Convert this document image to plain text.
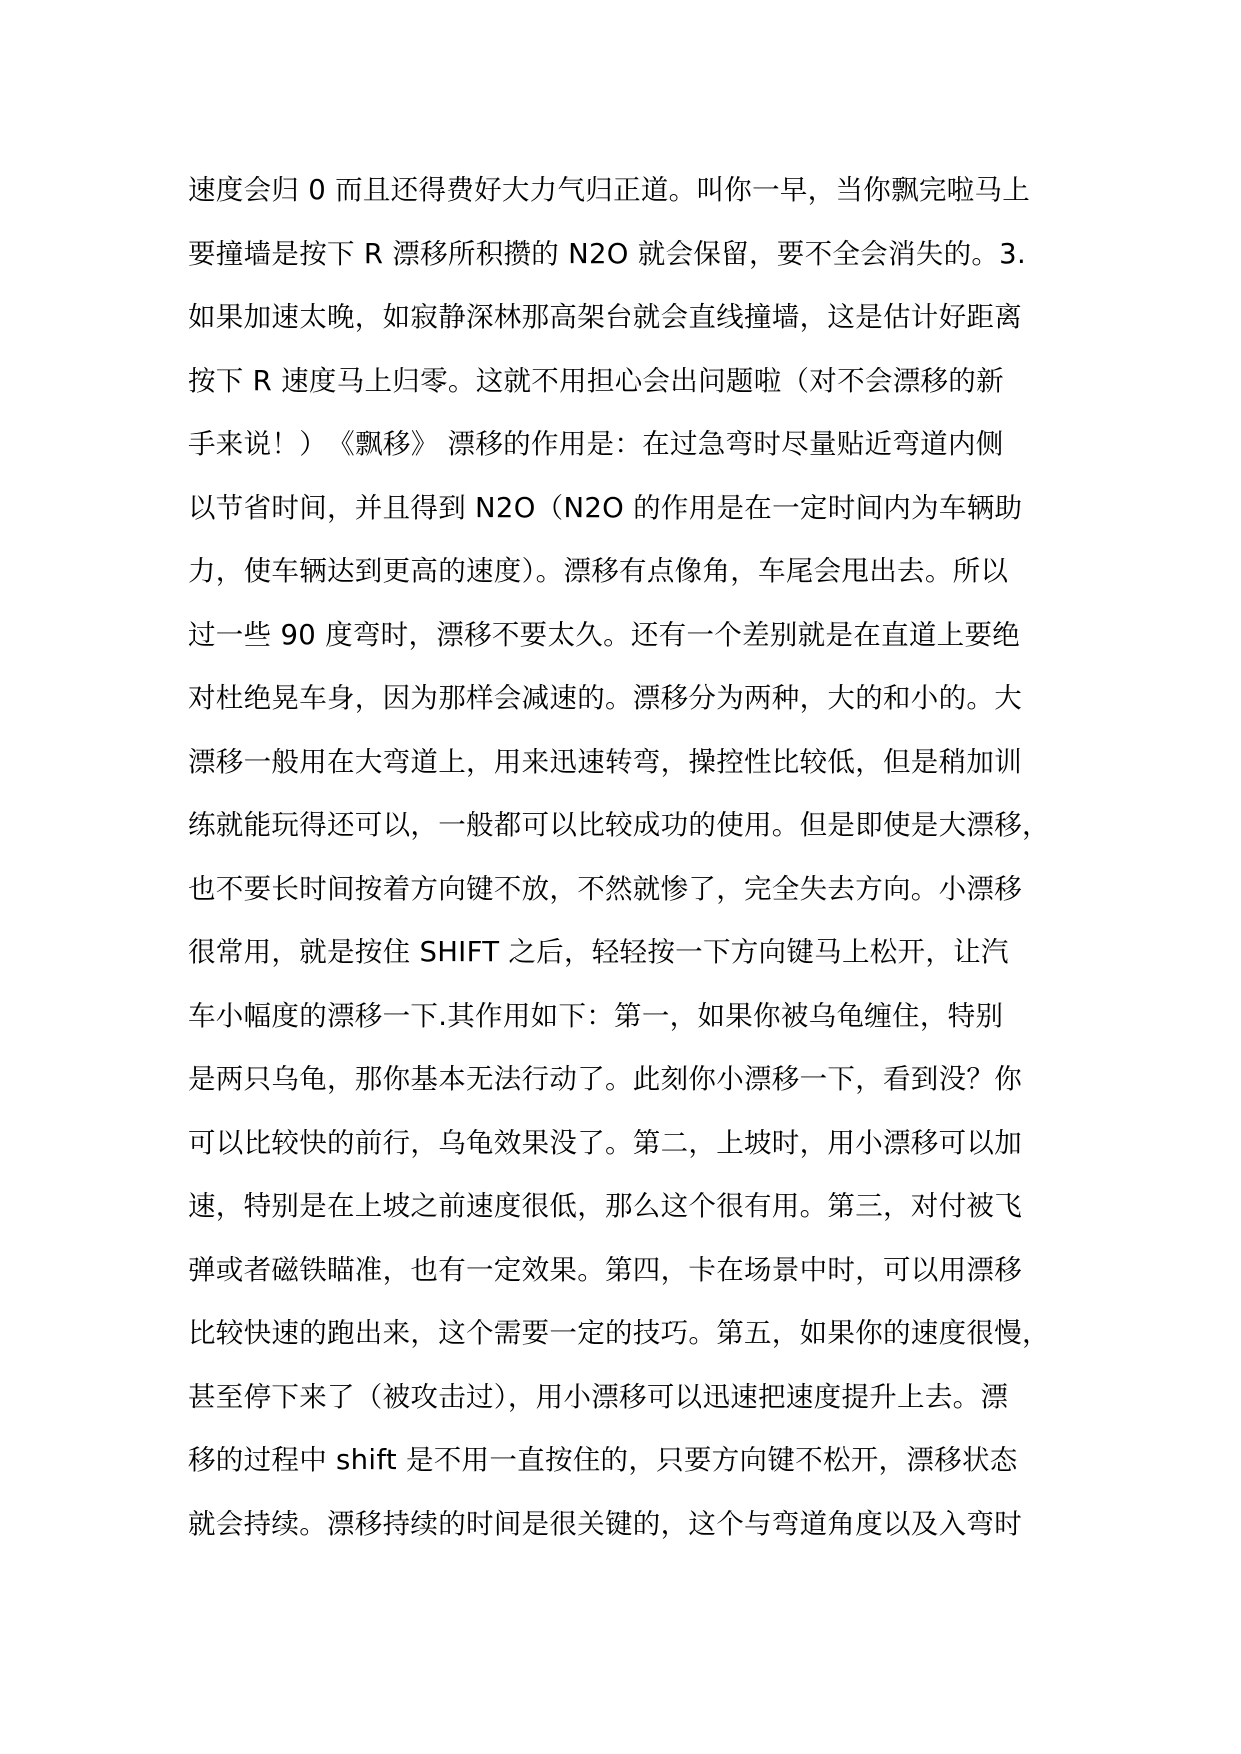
速度会归 0 而且还得费好大力气归正道。叫你一早，当你飘完啦马上
要撞墙是按下 R 漂移所积攒的 N2O 就会保留，要不全会消失的。3.
如果加速太晚，如寂静深林那高架台就会直线撞墙，这是估计好距离
按下 R 速度马上归零。这就不用担心会出问题啦（对不会漂移的新
手来说！）　《飘移》 漂移的作用是：在过急弯时尽量贴近弯道内侧
以节省时间，并且得到 N2O（N2O 的作用是在一定时间内为车辆助
力，使车辆达到更高的速度）。漂移有点像角，车尾会甩出去。所以
过一些 90 度弯时，漂移不要太久。还有一个差别就是在直道上要绝
对杜绝晃车身，因为那样会减速的。漂移分为两种，大的和小的。大
漂移一般用在大弯道上，用来迅速转弯，操控性比较低，但是稍加训
练就能玩得还可以，一般都可以比较成功的使用。但是即使是大漂移，
也不要长时间按着方向键不放，不然就惨了，完全失去方向。小漂移
很常用，就是按住 SHIFT 之后，轻轻按一下方向键马上松开，让汽
车小幅度的漂移一下.其作用如下：第一，如果你被乌龟缠住，特别
是两只乌龟，那你基本无法行动了。此刻你小漂移一下，看到没？你
可以比较快的前行，乌龟效果没了。第二，上坡时，用小漂移可以加
速，特别是在上坡之前速度很低，那么这个很有用。第三，对付被飞
弹或者磁铁瞄准，也有一定效果。第四，卡在场景中时，可以用漂移
比较快速的跑出来，这个需要一定的技巧。第五，如果你的速度很慢，
甚至停下来了（被攻击过），用小漂移可以迅速把速度提升上去。漂
移的过程中 shift 是不用一直按住的，只要方向键不松开，漂移状态
就会持续。漂移持续的时间是很关键的，这个与弯道角度以及入弯时
